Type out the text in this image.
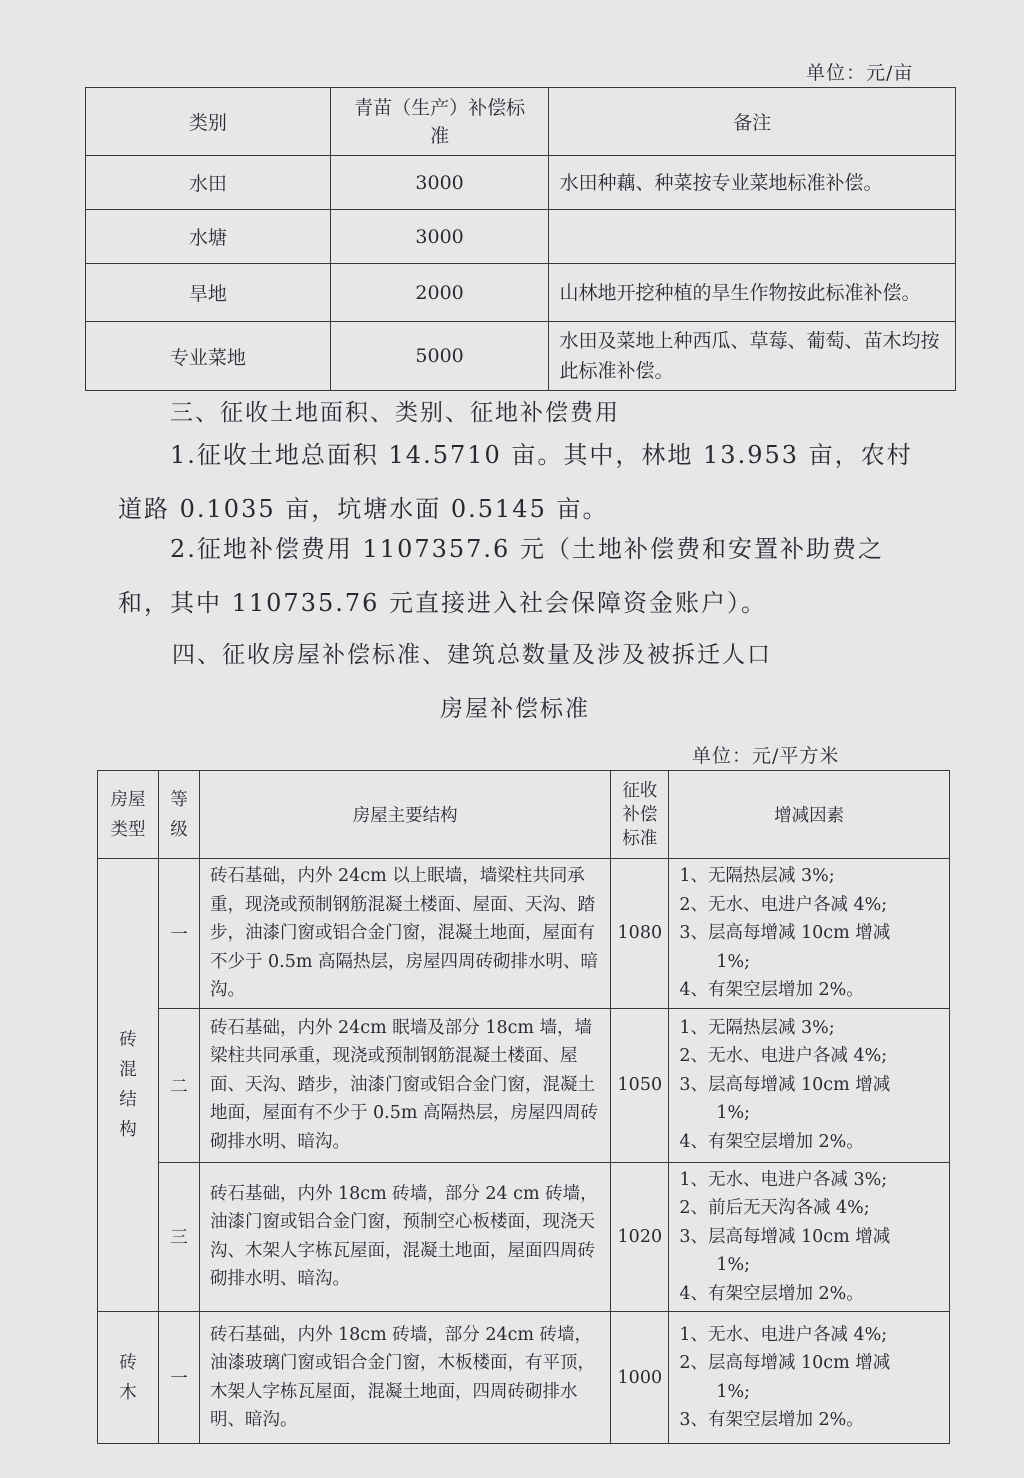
单位：元/亩
类别	青苗（生产）补偿标准	备注
水田	3000	水田种藕、种菜按专业菜地标准补偿。
水塘	3000	
旱地	2000	山林地开挖种植的旱生作物按此标准补偿。
专业菜地	5000	水田及菜地上种西瓜、草莓、葡萄、苗木均按此标准补偿。
三、征收土地面积、类别、征地补偿费用
1.征收土地总面积 14.5710 亩。其中，林地 13.953 亩，农村道路 0.1035 亩，坑塘水面 0.5145 亩。
2.征地补偿费用 1107357.6 元（土地补偿费和安置补助费之和，其中 110735.76 元直接进入社会保障资金账户）。
四、征收房屋补偿标准、建筑总数量及涉及被拆迁人口
房屋补偿标准
单位：元/平方米
房屋类型	等级	房屋主要结构	征收补偿标准	增减因素
砖混结构	一	砖石基础，内外 24cm 以上眠墙，墙梁柱共同承重，现浇或预制钢筋混凝土楼面、屋面、天沟、踏步，油漆门窗或铝合金门窗，混凝土地面，屋面有不少于 0.5m 高隔热层，房屋四周砖砌排水明、暗沟。	1080	1、无隔热层减 3%;
2、无水、电进户各减 4%;
3、层高每增减 10cm 增减
1%;
4、有架空层增加 2%。

	二	砖石基础，内外 24cm 眠墙及部分 18cm 墙，墙梁柱共同承重，现浇或预制钢筋混凝土楼面、屋面、天沟、踏步，油漆门窗或铝合金门窗，混凝土地面，屋面有不少于 0.5m 高隔热层，房屋四周砖砌排水明、暗沟。	1050	1、无隔热层减 3%;
2、无水、电进户各减 4%;
3、层高每增减 10cm 增减
1%;
4、有架空层增加 2%。

	三	砖石基础，内外 18cm 砖墙，部分 24 cm 砖墙，油漆门窗或铝合金门窗，预制空心板楼面，现浇天沟、木架人字栋瓦屋面，混凝土地面，屋面四周砖砌排水明、暗沟。	1020	1、无水、电进户各减 3%;
2、前后无天沟各减 4%;
3、层高每增减 10cm 增减
1%;
4、有架空层增加 2%。

砖木	一	砖石基础，内外 18cm 砖墙，部分 24cm 砖墙，油漆玻璃门窗或铝合金门窗，木板楼面，有平顶，木架人字栋瓦屋面，混凝土地面，四周砖砌排水明、暗沟。	1000	1、无水、电进户各减 4%;
2、层高每增减 10cm 增减
1%;
3、有架空层增加 2%。
